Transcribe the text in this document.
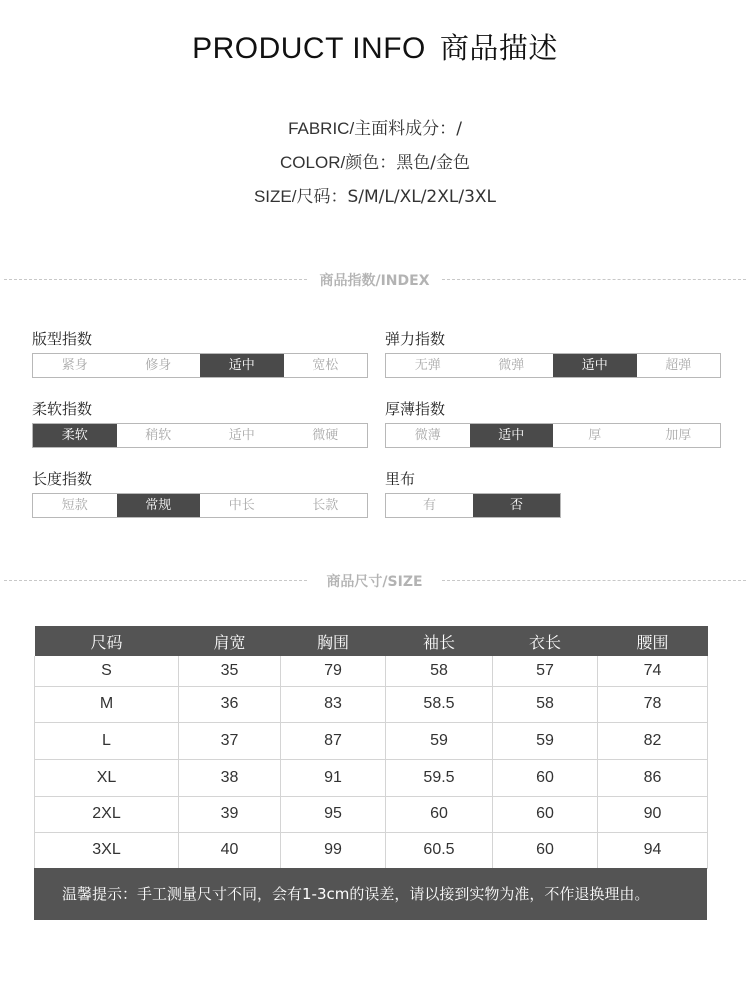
PRODUCT INFO 商品描述
FABRIC/主面料成分：/
COLOR/颜色：黑色/金色
SIZE/尺码：S/M/L/XL/2XL/3XL
商品指数/INDEX
版型指数
紧身	修身	适中	宽松
弹力指数
无弹	微弹	适中	超弹
柔软指数
柔软	稍软	适中	微硬
厚薄指数
微薄	适中	厚	加厚
长度指数
短款	常规	中长	长款
里布
有	否
商品尺寸/SIZE
尺码	肩宽	胸围	袖长	衣长	腰围
S	35	79	58	57	74
M	36	83	58.5	58	78
L	37	87	59	59	82
XL	38	91	59.5	60	86
2XL	39	95	60	60	90
3XL	40	99	60.5	60	94
温馨提示：手工测量尺寸不同，会有1-3cm的误差，请以接到实物为准，不作退换理由。
